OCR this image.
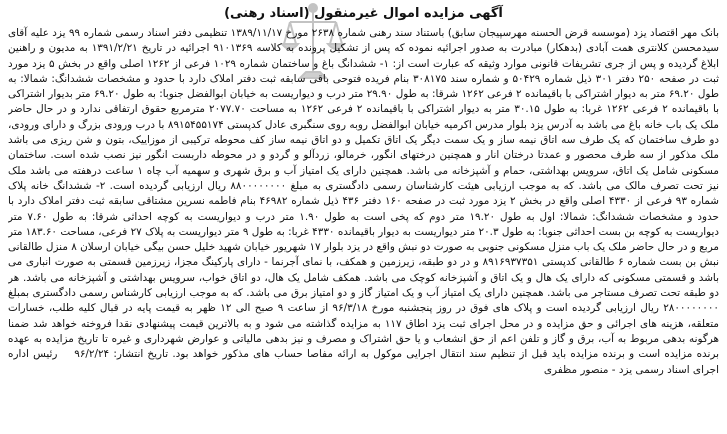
آگهی مزایده اموال غیرمنقول (اسناد رهنی)
بانک مهر اقتصاد یزد (موسسه قرض الحسنه مهرسپیجان سابق) باستناد سند رهنی شماره ۲۶۳۸ مورخ ۱۳۸۹/۱۱/۱۷ تنظیمی دفتر اسناد رسمی شماره ۹۹ یزد علیه آقای سیدمحسن کلانتری همت آبادی (بدهکار) مبادرت به صدور اجرائیه نموده که پس از تشکیل پرونده به کلاسه ۹۱۰۱۳۶۹ اجرائیه در تاریخ ۱۳۹۱/۲/۲۱ به مدیون و راهنین ابلاغ گردیده و پس از جری تشریفات قانونی موارد وثیقه که عبارت است از: ۱- ششدانگ باغ و ساختمان شماره ۱۰۲۹ فرعی از ۱۲۶۲ اصلی واقع در بخش ۵ یزد مورد ثبت در صفحه ۲۵۰ دفتر ۳۰۱ ذیل شماره ۵۰۴۲۹ و شماره سند ۳۰۸۱۷۵ بنام فریده فتوحی باقی سابقه ثبت دفتر املاک دارد با حدود و مشخصات ششدانگ: شمالا: به طول ۶۹.۲۰ متر به دیوار اشتراکی با باقیمانده ۲ فرعی ۱۲۶۲ شرقا: به طول ۲۹.۹۰ متر درب و دیواریست به خیابان ابوالفضل جنوبا: به طول ۶۹.۲۰ متر بدیوار اشتراکی با باقیمانده ۲ فرعی ۱۲۶۲ غربا: به طول ۳۰.۱۵ متر به دیوار اشتراکی با باقیمانده ۲ فرعی ۱۲۶۲ به مساحت ۲۰۷۷.۷۰ مترمربع حقوق ارتفاقی ندارد و در حال حاضر ملک یک باب خانه باغ می باشد به آدرس یزد بلوار مدرس اکرمیه خیابان ابوالفضل روبه روی سنگبری عادل کدپستی ۸۹۱۵۴۵۵۱۷۴ با درب ورودی بزرگ و دارای ورودی، دو طرف ساختمان که یک طرف سه اتاق نیمه ساز و یک سمت دیگر یک اتاق تکمیل و دو اتاق نیمه ساز کف محوطه ترکیبی از موزاییک، بتون و شن ریزی می باشد ملک مذکور از سه طرف محصور و عمدتا درختان انار و همچنین درختهای انگور، خرمالو، زردآلو و گردو و در محوطه داربست انگور نیز نصب شده است. ساختمان مسکونی شامل یک اتاق، سرویس بهداشتی، حمام و آشپزخانه می باشد. همچنین دارای یک امتیاز آب و برق شهری و سهمیه آب چاه ۱ ساعت درهفته می باشد ملک نیز تحت تصرف مالک می باشد. که به موجب ارزیابی هیئت کارشناسان رسمی دادگستری به مبلغ ۸۸۰۰۰۰۰۰۰۰ ریال ارزیابی گردیده است. ۲- ششدانگ خانه پلاک شماره ۹۳ فرعی از ۴۳۳۰ اصلی واقع در بخش ۲ یزد مورد ثبت در صفحه ۱۶۰ دفتر ۴۳۶ ذیل شماره ۴۶۹۸۲ بنام فاطمه نسرین مشتاقی سابقه ثبت دفتر املاک دارد با حدود و مشخصات ششدانگ: شمالا: اول به طول ۱۹.۲۰ متر دوم که پخی است به طول ۱.۹۰ متر درب و دیواریست به کوچه احداثی شرقا: به طول ۷.۶۰ متر دیواریست به کوچه بن بست احداثی جنوبا: به طول ۲۰.۳ متر دیواریست به دیوار باقیمانده ۴۳۳۰ غربا: به طول ۹ متر دیواریست به پلاک ۲۷ فرعی، مساحت ۱۸۳.۶۰ متر مربع و در حال حاضر ملک یک باب منزل مسکونی جنوبی به صورت دو نبش واقع در یزد بلوار ۱۷ شهریور خیابان شهید خلیل حسن بیگی خیابان ارسلان ۸ منزل طالقانی نبش بن بست شماره ۶ طالقانی کدپستی ۸۹۱۶۹۳۷۳۵۱ و در دو طبقه، زیرزمین و همکف، با نمای آجرنما - دارای پارکینگ مجزا، زیرزمین قسمتی به صورت انباری می باشد و قسمتی مسکونی که دارای یک هال و یک اتاق و آشپزخانه کوچک می باشد. همکف شامل یک هال، دو اتاق خواب، سرویس بهداشتی و آشپزخانه می باشد. هر دو طبقه تحت تصرف مستاجر می باشد. همچنین دارای یک امتیاز آب و یک امتیاز گاز و دو امتیاز برق می باشد. که به موجب ارزیابی کارشناس رسمی دادگستری بمبلغ ۲۸۰۰۰۰۰۰۰۰ ریال ارزیابی گردیده است و پلاک های فوق در روز پنجشنبه مورخ ۹۶/۳/۱۸ از ساعت ۹ صبح الی ۱۲ ظهر به قیمت پایه در قبال کلیه طلب، خسارات متعلقه، هزینه های اجرائی و حق مزایده و در محل اجرای ثبت یزد اطاق ۱۱۷ به مزایده گذاشته می شود و به بالاترین قیمت پیشنهادی نقدا فروخته خواهد شد ضمنا هرگونه بدهی مربوط به آب، برق و گاز و تلفن اعم از حق انشعاب و یا حق اشتراک و مصرف و نیز بدهی مالیاتی و عوارض شهرداری و غیره تا تاریخ مزایده به عهده برنده مزایده است و برنده مزایده باید قبل از تنظیم سند انتقال اجرایی موکول به ارائه مفاصا حساب های مذکور خواهد بود. تاریخ انتشار: ۹۶/۲/۲۴    رئیس اداره اجرای اسناد رسمی یزد - منصور مظفری
